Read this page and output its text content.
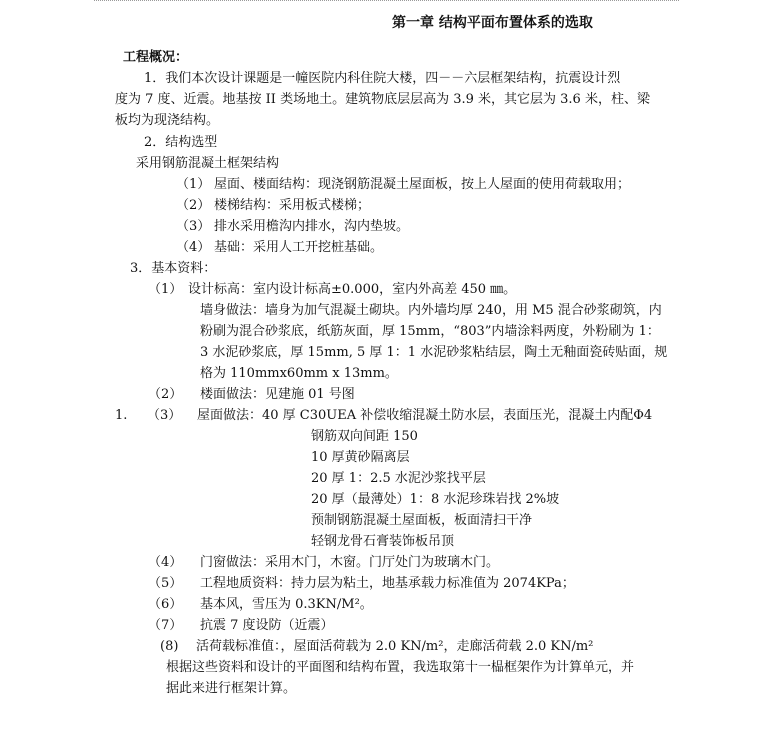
第一章 结构平面布置体系的选取
工程概况：
1．我们本次设计课题是一幢医院内科住院大楼，四－－六层框架结构，抗震设计烈
度为 7 度、近震。地基按 II 类场地土。建筑物底层层高为 3.9 米，其它层为 3.6 米，柱、梁
板均为现浇结构。
2．结构选型
采用钢筋混凝土框架结构
（1） 屋面、楼面结构：现浇钢筋混凝土屋面板，按上人屋面的使用荷载取用；
（2） 楼梯结构：采用板式楼梯；
（3） 排水采用檐沟内排水，沟内垫坡。
（4） 基础：采用人工开挖桩基础。
3．基本资料：
（1） 设计标高：室内设计标高±0.000，室内外高差 450 ㎜。
墙身做法：墙身为加气混凝土砌块。内外墙均厚 240，用 M5 混合砂浆砌筑，内
粉刷为混合砂浆底，纸筋灰面，厚 15mm，“803”内墙涂料两度，外粉刷为 1：
3 水泥砂浆底，厚 15mm, 5 厚 1：1 水泥砂浆粘结层，陶土无釉面瓷砖贴面，规
格为 110mmx60mm x 13mm。
（2） 楼面做法：见建施 01 号图
1. （3） 屋面做法：40 厚 C30UEA 补偿收缩混凝土防水层，表面压光，混凝土内配Φ4
钢筋双向间距 150
10 厚黄砂隔离层
20 厚 1：2.5 水泥沙浆找平层
20 厚（最薄处）1：8 水泥珍珠岩找 2%坡
预制钢筋混凝土屋面板，板面清扫干净
轻钢龙骨石膏装饰板吊顶
（4） 门窗做法：采用木门，木窗。门厅处门为玻璃木门。
（5） 工程地质资料：持力层为粘土，地基承载力标准值为 2074KPa；
（6） 基本风，雪压为 0.3KN/M²。
（7） 抗震 7 度设防（近震）
(8) 活荷载标准值：，屋面活荷载为 2.0 KN/m²，走廊活荷载 2.0 KN/m²
根据这些资料和设计的平面图和结构布置，我选取第十一榀框架作为计算单元，并
据此来进行框架计算。
